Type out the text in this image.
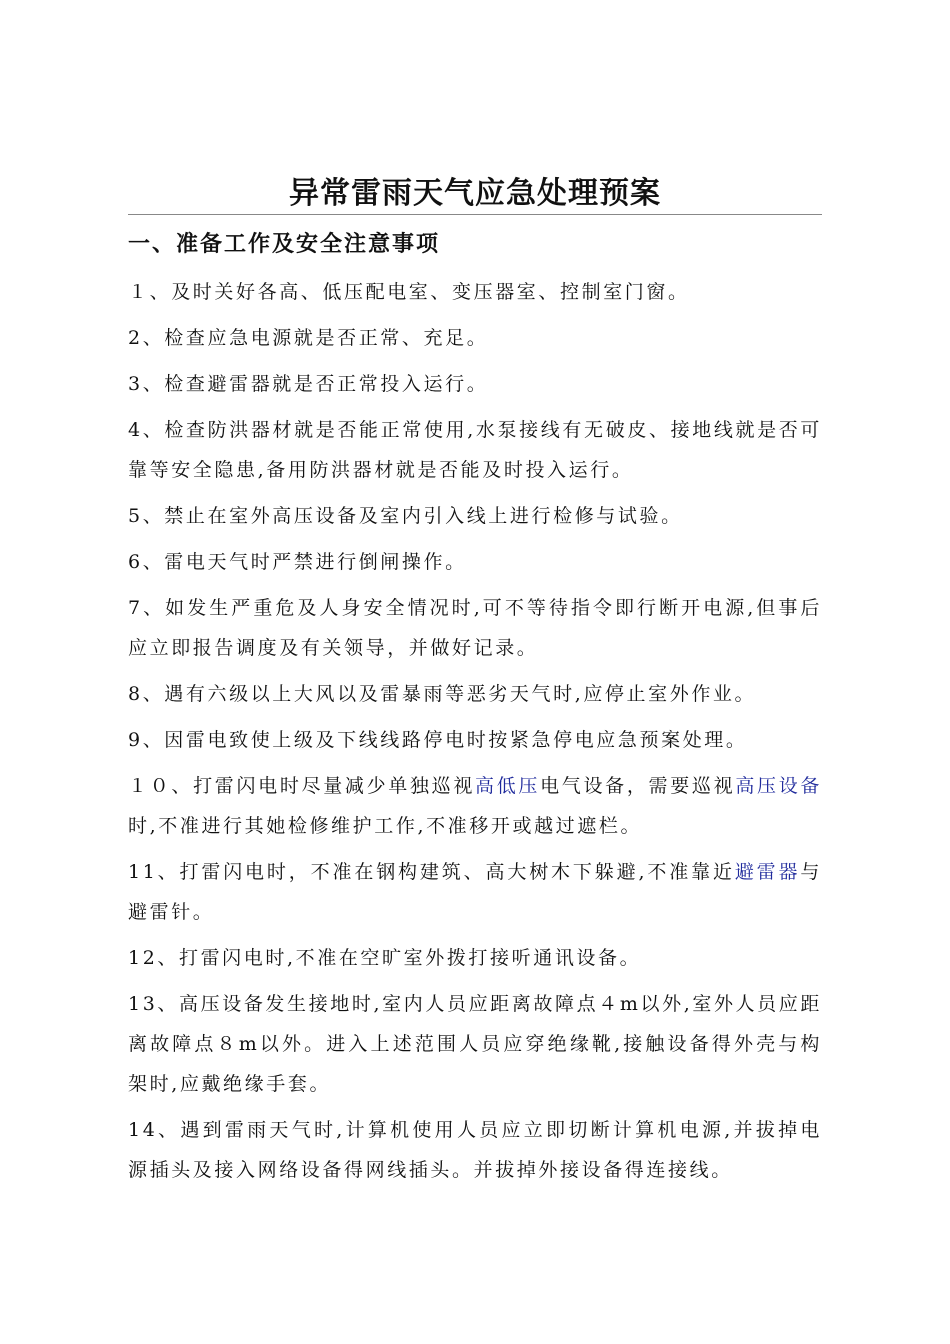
异常雷雨天气应急处理预案
一、准备工作及安全注意事项

１、及时关好各高、低压配电室、变压器室、控制室门窗。

2、检查应急电源就是否正常、充足。

3、检查避雷器就是否正常投入运行。

4、检查防洪器材就是否能正常使用,水泵接线有无破皮、接地线就是否可靠等安全隐患,备用防洪器材就是否能及时投入运行。

5、禁止在室外高压设备及室内引入线上进行检修与试验。

6、雷电天气时严禁进行倒闸操作。

7、如发生严重危及人身安全情况时,可不等待指令即行断开电源,但事后应立即报告调度及有关领导，并做好记录。

8、遇有六级以上大风以及雷暴雨等恶劣天气时,应停止室外作业。

9、因雷电致使上级及下线线路停电时按紧急停电应急预案处理。

１０、打雷闪电时尽量减少单独巡视高低压电气设备，需要巡视高压设备时,不准进行其她检修维护工作,不准移开或越过遮栏。

11、打雷闪电时，不准在钢构建筑、高大树木下躲避,不准靠近避雷器与避雷针。

12、打雷闪电时,不准在空旷室外拨打接听通讯设备。

13、高压设备发生接地时,室内人员应距离故障点４m以外,室外人员应距离故障点８m以外。进入上述范围人员应穿绝缘靴,接触设备得外壳与构架时,应戴绝缘手套。

14、遇到雷雨天气时,计算机使用人员应立即切断计算机电源,并拔掉电源插头及接入网络设备得网线插头。并拔掉外接设备得连接线。
